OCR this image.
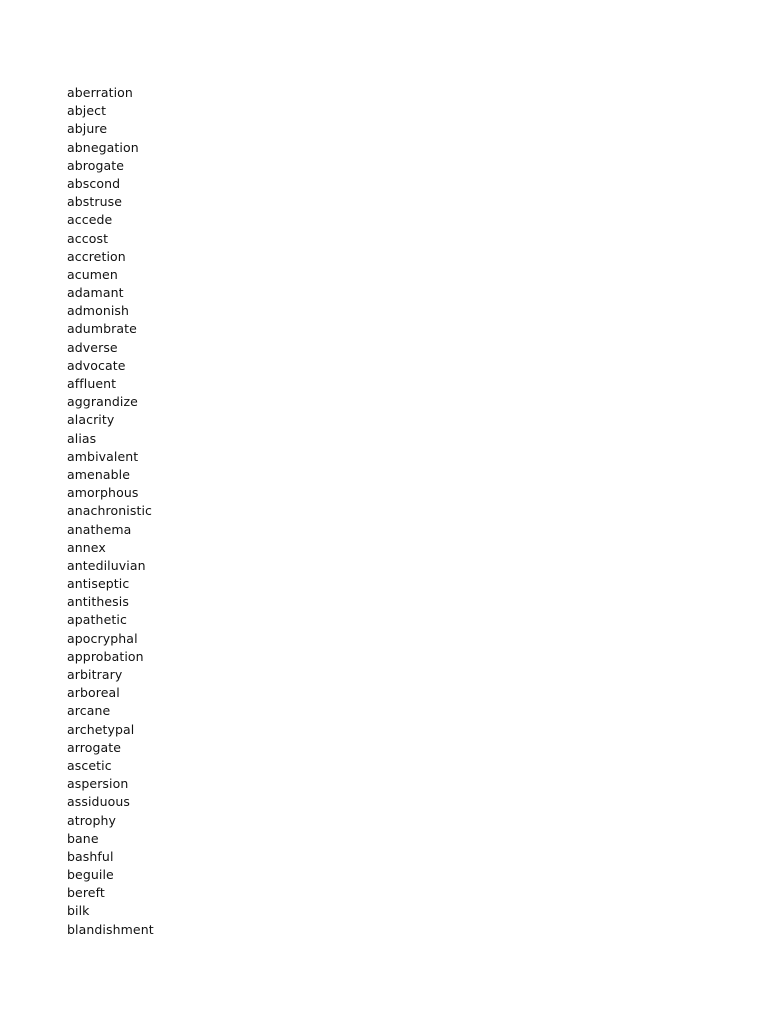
aberration
abject
abjure
abnegation
abrogate
abscond
abstruse
accede
accost
accretion
acumen
adamant
admonish
adumbrate
adverse
advocate
affluent
aggrandize
alacrity
alias
ambivalent
amenable
amorphous
anachronistic
anathema
annex
antediluvian
antiseptic
antithesis
apathetic
apocryphal
approbation
arbitrary
arboreal
arcane
archetypal
arrogate
ascetic
aspersion
assiduous
atrophy
bane
bashful
beguile
bereft
bilk
blandishment
